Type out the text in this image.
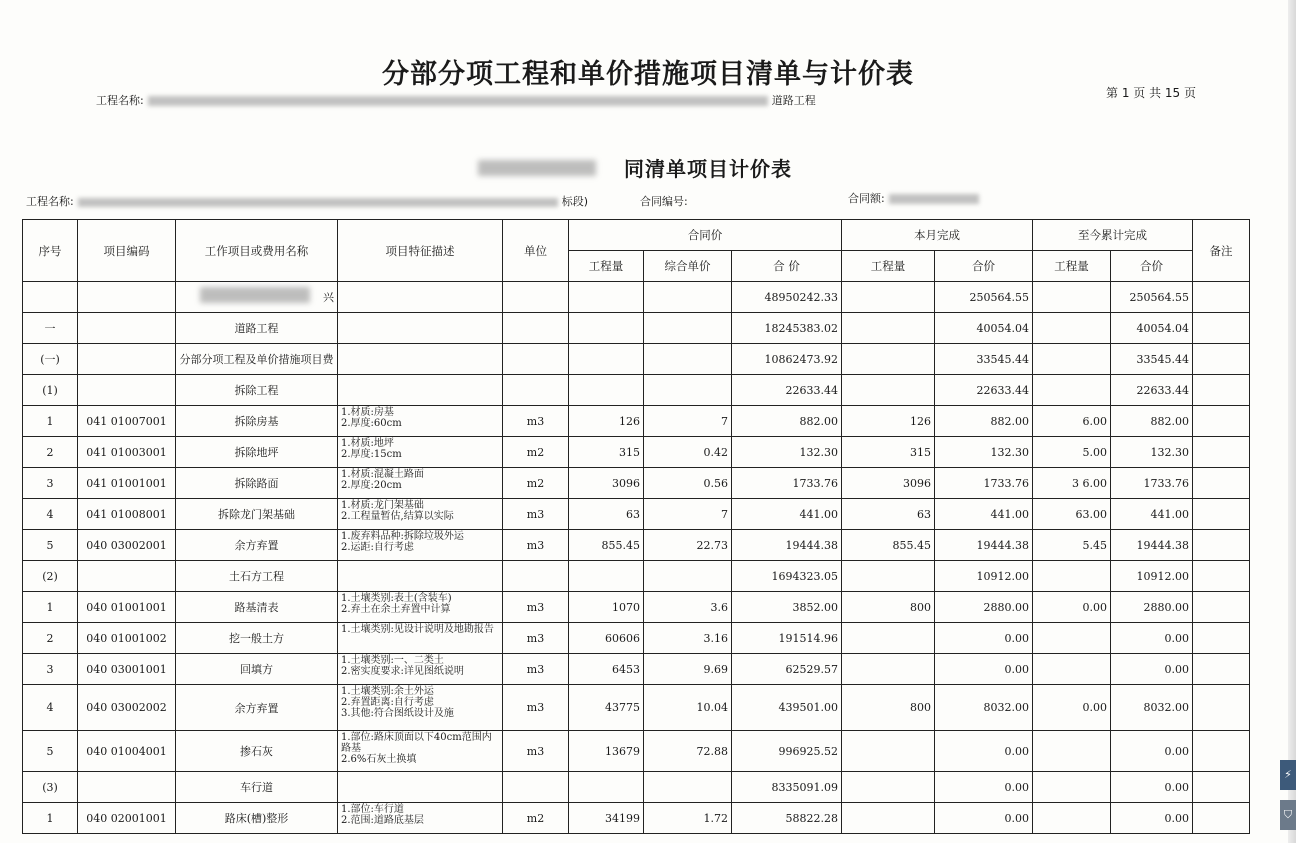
分部分项工程和单价措施项目清单与计价表
第 1 页 共 15 页
工程名称:	道路工程
同清单项目计价表
工程名称:	标段)	合同编号:	合同额:
序号	项目编码	工作项目或费用名称	项目特征描述	单位	合同价			本月完成		至今累计完成		备注
					工程量	综合单价	合 价	工程量	合价	工程量	合价	
		兴					48950242.33		250564.55		250564.55	
一		道路工程					18245383.02		40054.04		40054.04	
(一)		分部分项工程及单价措施项目费					10862473.92		33545.44		33545.44	
(1)		拆除工程					22633.44		22633.44		22633.44	
1	041 01007001	拆除房基	1.材质:房基
2.厚度:60cm	m3	126	7	882.00	126	882.00	6.00	882.00	
2	041 01003001	拆除地坪	1.材质:地坪
2.厚度:15cm	m2	315	0.42	132.30	315	132.30	5.00	132.30	
3	041 01001001	拆除路面	1.材质:混凝土路面
2.厚度:20cm	m2	3096	0.56	1733.76	3096	1733.76	3 6.00	1733.76	
4	041 01008001	拆除龙门架基础	1.材质:龙门架基础
2.工程量暂估,结算以实际	m3	63	7	441.00	63	441.00	63.00	441.00	
5	040 03002001	余方弃置	1.废弃料品种:拆除垃圾外运
2.运距:自行考虑	m3	855.45	22.73	19444.38	855.45	19444.38	5.45	19444.38	
(2)		土石方工程					1694323.05		10912.00		10912.00	
1	040 01001001	路基清表	1.土壤类别:表土(含装车)
2.弃土在余土弃置中计算	m3	1070	3.6	3852.00	800	2880.00	0.00	2880.00	
2	040 01001002	挖一般土方	1.土壤类别:见设计说明及地勘报告	m3	60606	3.16	191514.96		0.00		0.00	
3	040 03001001	回填方	1.土壤类别:一、二类土
2.密实度要求:详见图纸说明	m3	6453	9.69	62529.57		0.00		0.00	
4	040 03002002	余方弃置	1.土壤类别:余土外运
2.弃置距离:自行考虑
3.其他:符合图纸设计及施	m3	43775	10.04	439501.00	800	8032.00	0.00	8032.00	
5	040 01004001	掺石灰	1.部位:路床顶面以下40cm范围内路基
2.6%石灰土换填	m3	13679	72.88	996925.52		0.00		0.00	
(3)		车行道					8335091.09		0.00		0.00	
1	040 02001001	路床(槽)整形	1.部位:车行道
2.范围:道路底基层	m2	34199	1.72	58822.28		0.00		0.00	
⚡
⛉
